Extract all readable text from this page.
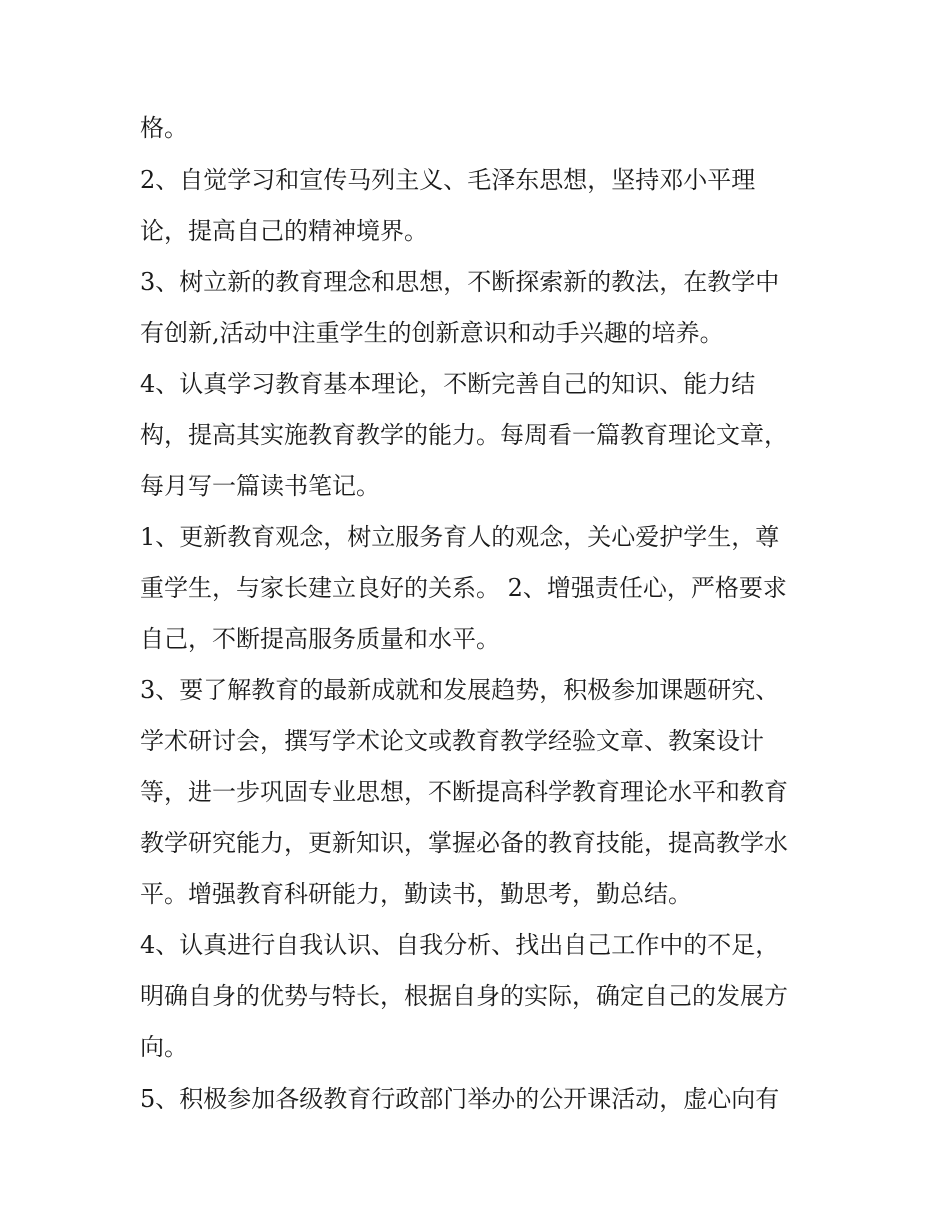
格。
2、自觉学习和宣传马列主义、毛泽东思想，坚持邓小平理
论，提高自己的精神境界。
3、树立新的教育理念和思想，不断探索新的教法，在教学中
有创新,活动中注重学生的创新意识和动手兴趣的培养。
4、认真学习教育基本理论，不断完善自己的知识、能力结
构，提高其实施教育教学的能力。每周看一篇教育理论文章，
每月写一篇读书笔记。
1、更新教育观念，树立服务育人的观念，关心爱护学生，尊
重学生，与家长建立良好的关系。 2、增强责任心，严格要求
自己，不断提高服务质量和水平。
3、要了解教育的最新成就和发展趋势，积极参加课题研究、
学术研讨会，撰写学术论文或教育教学经验文章、教案设计
等，进一步巩固专业思想，不断提高科学教育理论水平和教育
教学研究能力，更新知识，掌握必备的教育技能，提高教学水
平。增强教育科研能力，勤读书，勤思考，勤总结。
4、认真进行自我认识、自我分析、找出自己工作中的不足，
明确自身的优势与特长，根据自身的实际，确定自己的发展方
向。
5、积极参加各级教育行政部门举办的公开课活动，虚心向有
